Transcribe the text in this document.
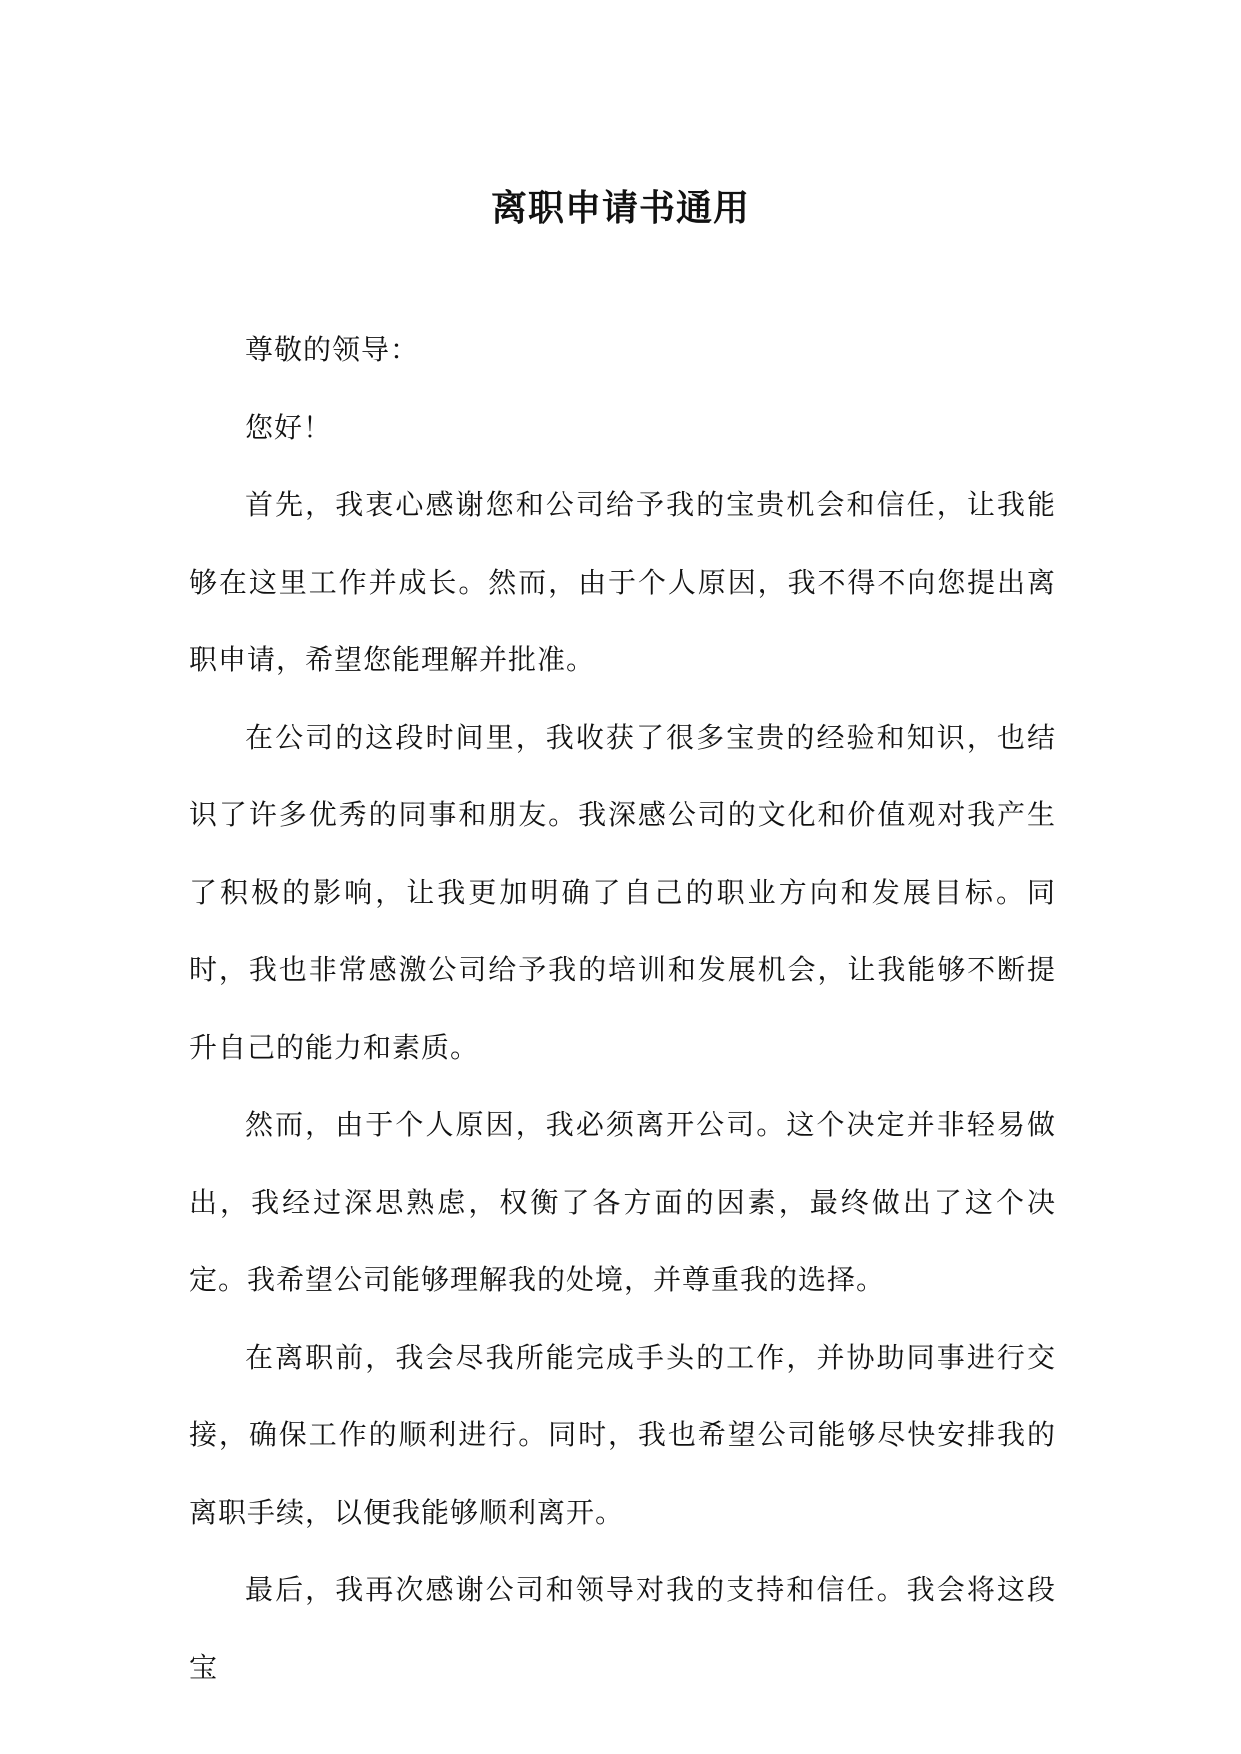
离职申请书通用

尊敬的领导：

您好！

首先，我衷心感谢您和公司给予我的宝贵机会和信任，让我能够在这里工作并成长。然而，由于个人原因，我不得不向您提出离职申请，希望您能理解并批准。

在公司的这段时间里，我收获了很多宝贵的经验和知识，也结识了许多优秀的同事和朋友。我深感公司的文化和价值观对我产生了积极的影响，让我更加明确了自己的职业方向和发展目标。同时，我也非常感激公司给予我的培训和发展机会，让我能够不断提升自己的能力和素质。

然而，由于个人原因，我必须离开公司。这个决定并非轻易做出，我经过深思熟虑，权衡了各方面的因素，最终做出了这个决定。我希望公司能够理解我的处境，并尊重我的选择。

在离职前，我会尽我所能完成手头的工作，并协助同事进行交接，确保工作的顺利进行。同时，我也希望公司能够尽快安排我的离职手续，以便我能够顺利离开。

最后，我再次感谢公司和领导对我的支持和信任。我会将这段宝
